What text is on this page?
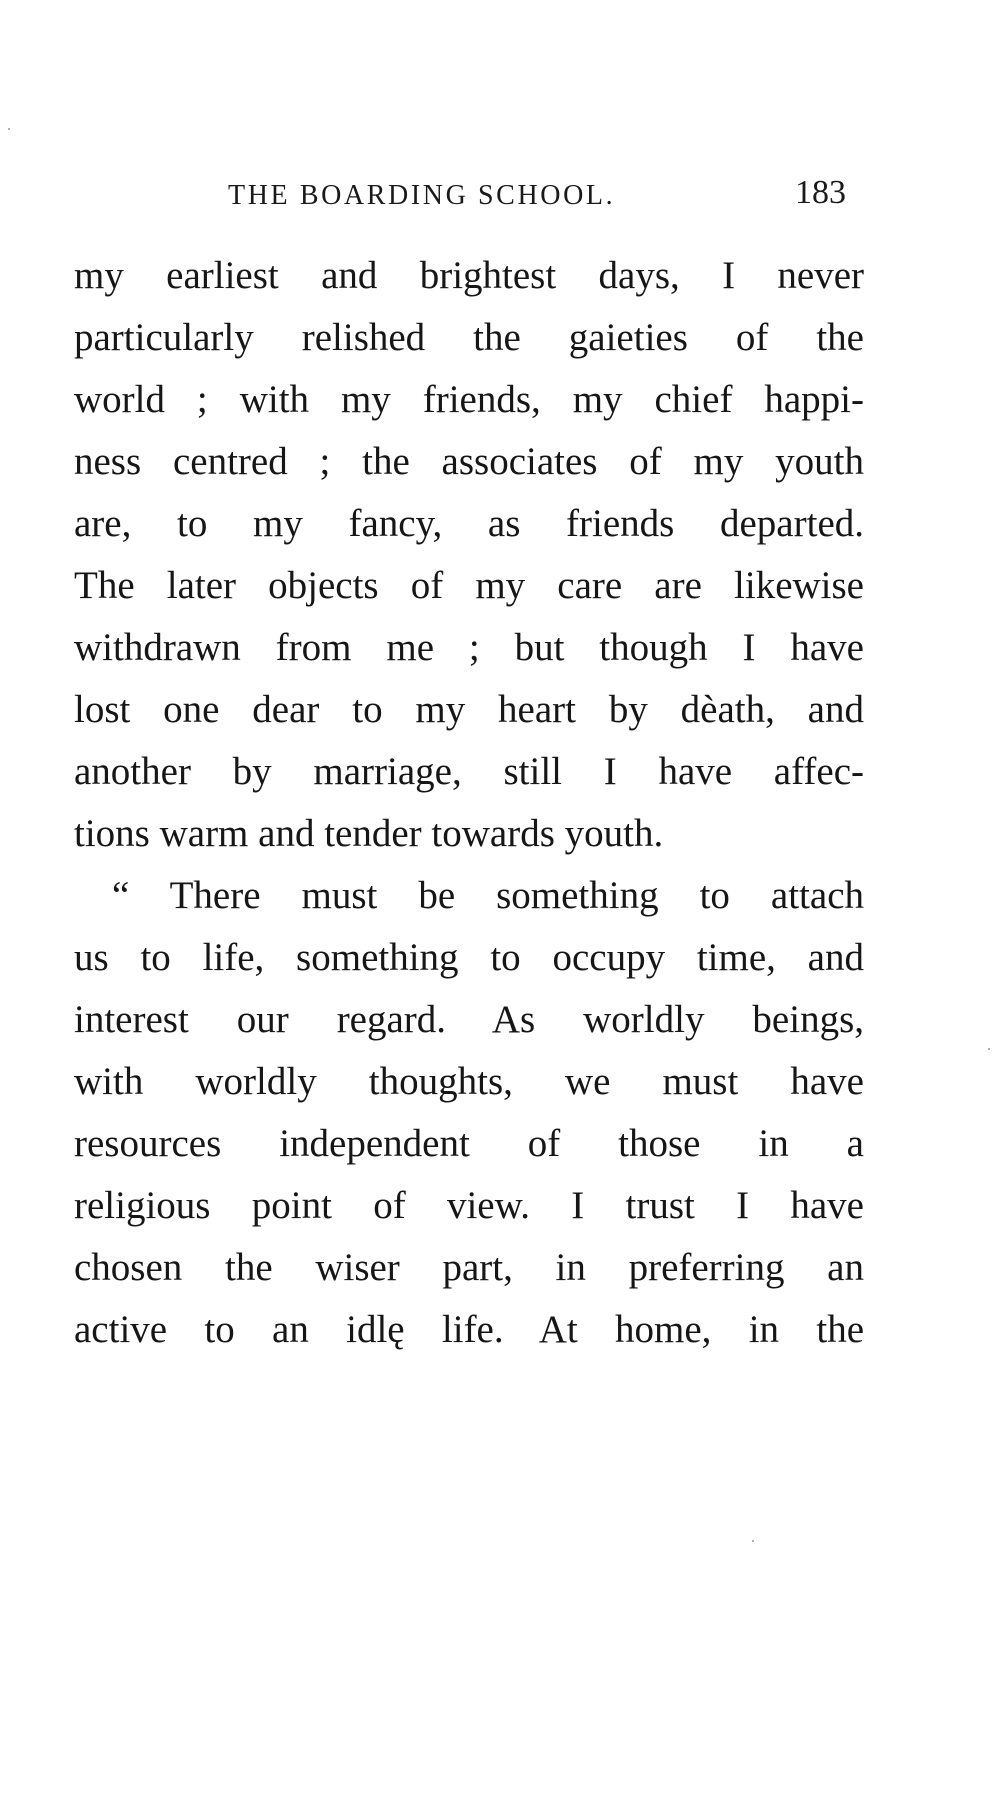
THE BOARDING SCHOOL.	183
my earliest and brightest days, I never
particularly relished the gaieties of the
world ; with my friends, my chief happi-
ness centred ; the associates of my youth
are, to my fancy, as friends departed.
The later objects of my care are likewise
withdrawn from me ; but though I have
lost one dear to my heart by dèath, and
another by marriage, still I have affec-
tions warm and tender towards youth.
“ There must be something to attach
us to life, something to occupy time, and
interest our regard. As worldly beings,
with worldly thoughts, we must have
resources independent of those in a
religious point of view. I trust I have
chosen the wiser part, in preferring an
active to an idlę life. At home, in the
